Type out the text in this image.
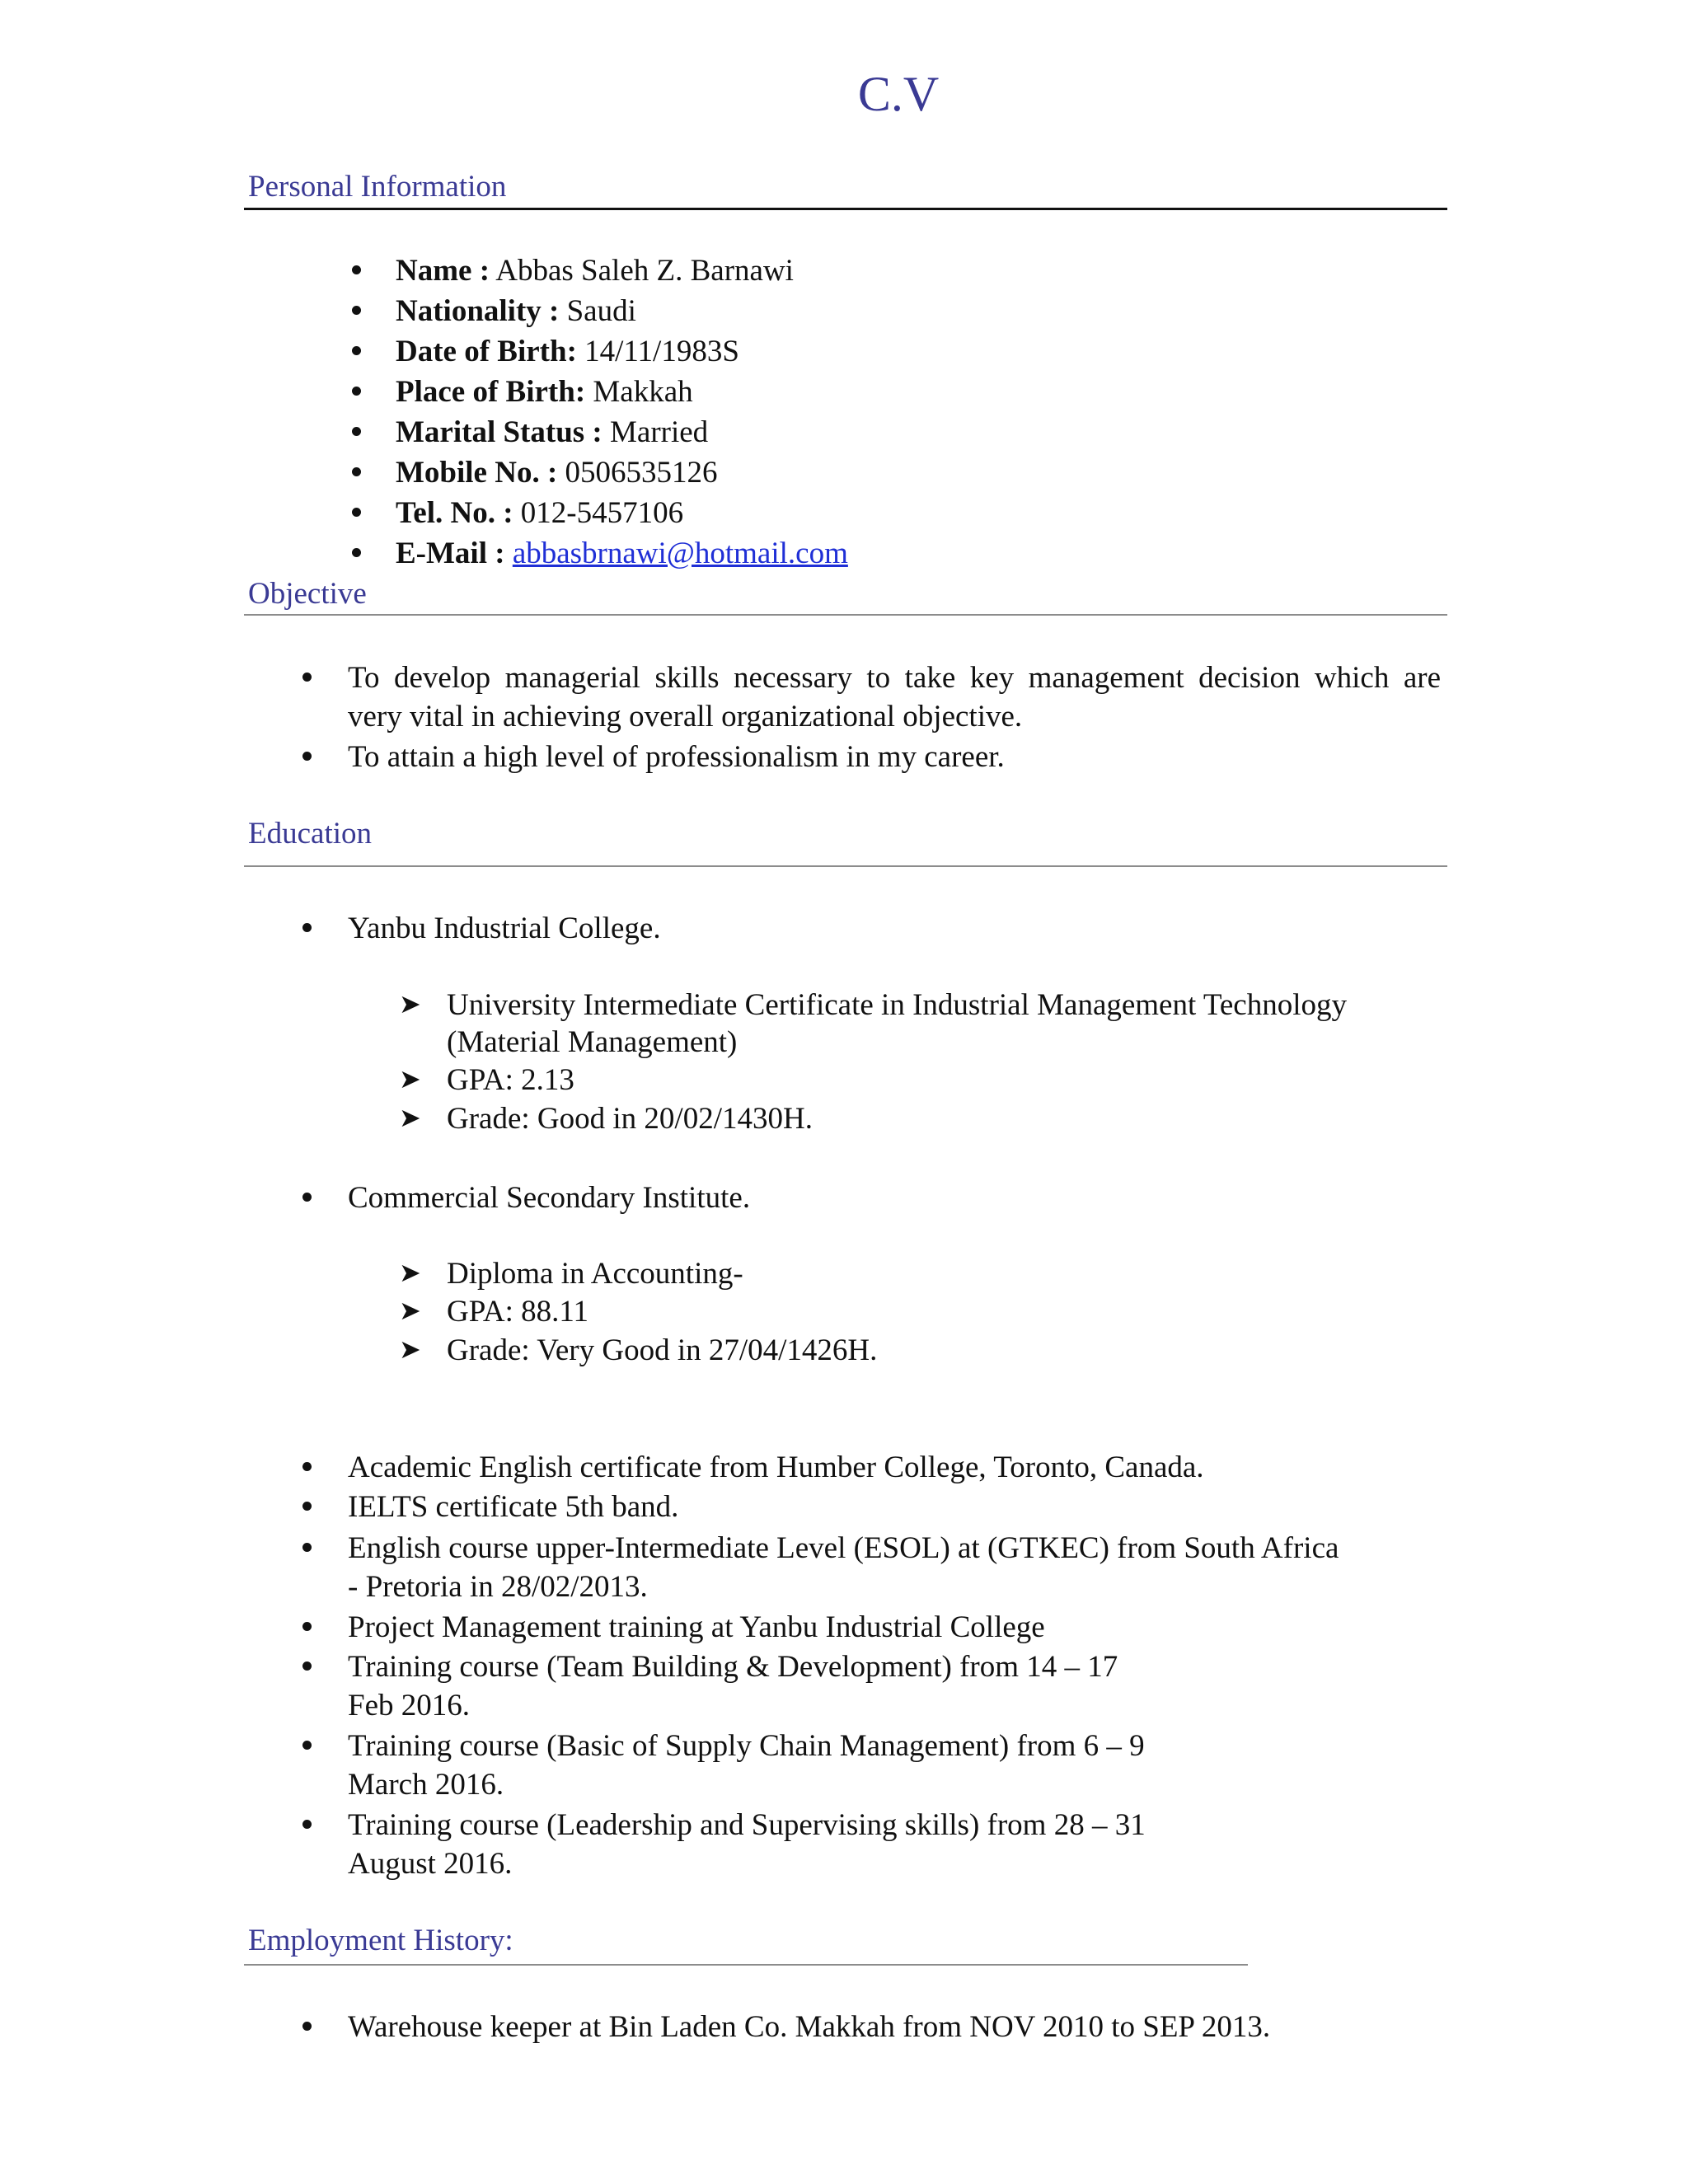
C.V
Personal Information
Name : Abbas Saleh Z. Barnawi
Nationality : Saudi
Date of Birth: 14/11/1983S
Place of Birth: Makkah
Marital Status : Married
Mobile No. : 0506535126
Tel. No. : 012-5457106
E-Mail : abbasbrnawi@hotmail.com
Objective
To develop managerial skills necessary to take key management decision which are
very vital in achieving overall organizational objective.
To attain a high level of professionalism in my career.
Education
Yanbu Industrial College.
➤ University Intermediate Certificate in Industrial Management Technology
(Material Management)
➤ GPA: 2.13
➤ Grade: Good in 20/02/1430H.
Commercial Secondary Institute.
➤ Diploma in Accounting-
➤ GPA: 88.11
➤ Grade: Very Good in 27/04/1426H.
Academic English certificate from Humber College, Toronto, Canada.
IELTS certificate 5th band.
English course upper-Intermediate Level (ESOL) at (GTKEC) from South Africa
- Pretoria in 28/02/2013.
Project Management training at Yanbu Industrial College
Training course (Team Building & Development) from 14 – 17
Feb 2016.
Training course (Basic of Supply Chain Management) from 6 – 9
March 2016.
Training course (Leadership and Supervising skills) from 28 – 31
August 2016.
Employment History:
Warehouse keeper at Bin Laden Co. Makkah from NOV 2010 to SEP 2013.
